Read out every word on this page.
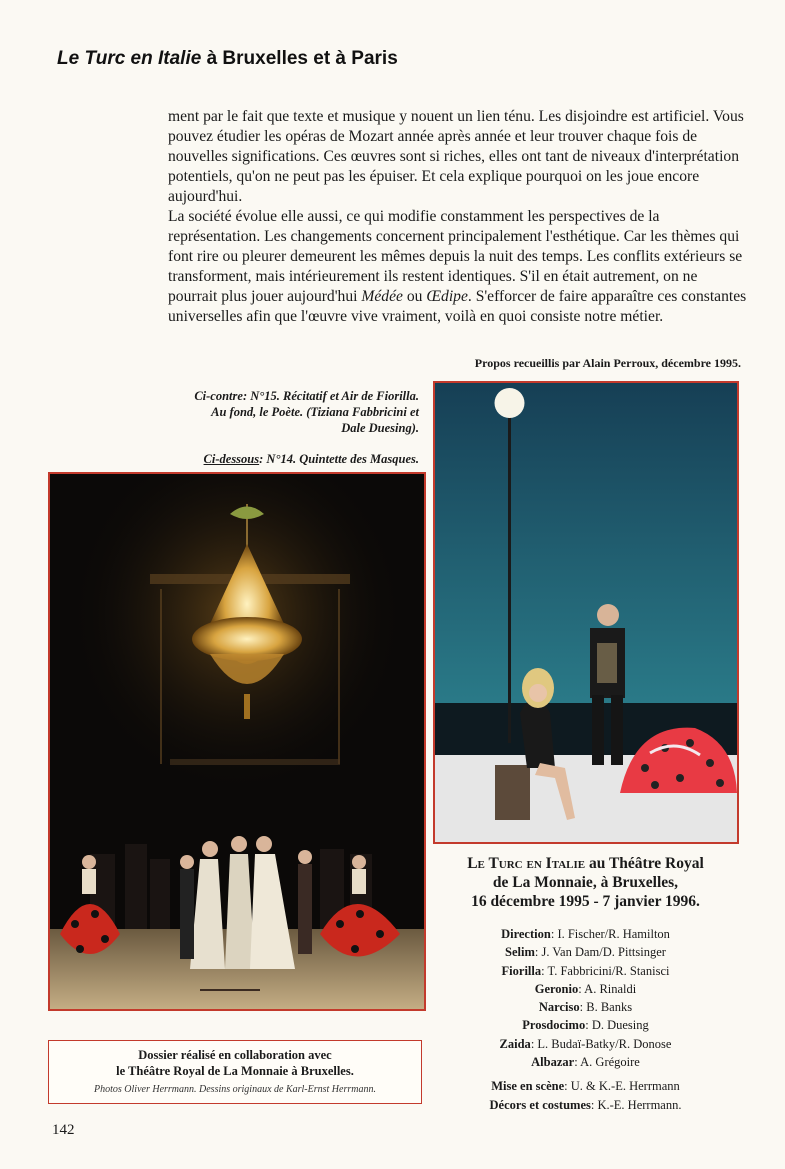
Le Turc en Italie à Bruxelles et à Paris

ment par le fait que texte et musique y nouent un lien ténu. Les disjoindre est artificiel. Vous pouvez étudier les opéras de Mozart année après année et leur trouver chaque fois de nouvelles significations. Ces œuvres sont si riches, elles ont tant de niveaux d'interprétation potentiels, qu'on ne peut pas les épuiser. Et cela explique pourquoi on les joue encore aujourd'hui.

La société évolue elle aussi, ce qui modifie constamment les perspectives de la représentation. Les changements concernent principalement l'esthétique. Car les thèmes qui font rire ou pleurer demeurent les mêmes depuis la nuit des temps. Les conflits extérieurs se transforment, mais intérieurement ils restent identiques. S'il en était autrement, on ne pourrait plus jouer aujourd'hui Médée ou Œdipe. S'efforcer de faire apparaître ces constantes universelles afin que l'œuvre vive vraiment, voilà en quoi consiste notre métier.

Propos recueillis par Alain Perroux, décembre 1995.
Ci-contre: N°15. Récitatif et Air de Fiorilla. Au fond, le Poète. (Tiziana Fabbricini et Dale Duesing).
Ci-dessous: N°14. Quintette des Masques.
Le Turc en Italie au Théâtre Royal
de La Monnaie, à Bruxelles,
16 décembre 1995 - 7 janvier 1996.
Direction: I. Fischer/R. Hamilton
Selim: J. Van Dam/D. Pittsinger
Fiorilla: T. Fabbricini/R. Stanisci
Geronio: A. Rinaldi
Narciso: B. Banks
Prosdocimo: D. Duesing
Zaida: L. Budaï-Batky/R. Donose
Albazar: A. Grégoire
Mise en scène: U. & K.-E. Herrmann
Décors et costumes: K.-E. Herrmann.
Dossier réalisé en collaboration avec
le Théâtre Royal de La Monnaie à Bruxelles.
Photos Oliver Herrmann. Dessins originaux de Karl-Ernst Herrmann.
142
